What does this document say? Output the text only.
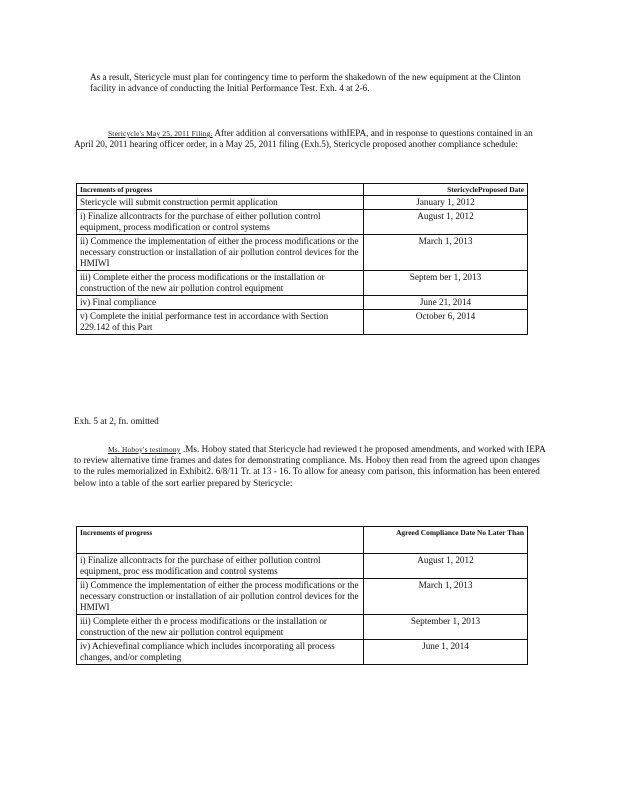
As a result, Stericycle must plan for contingency time to perform the shakedown of the new equipment at the Clinton facility in advance of conducting the Initial Performance Test. Exh. 4 at 2-6.

Stericycle's May 25, 2011 Filing. After addition al conversations withIEPA, and in response to questions contained in an April 20, 2011 hearing officer order, in a May 25, 2011 filing (Exh.5), Stericycle proposed another compliance schedule:

Increments of progress	StericycleProposed Date
Stericycle will submit construction permit application	January 1, 2012
i) Finalize allcontracts for the purchase of either pollution control equipment, process modification or control systems	August 1, 2012
ii) Commence the implementation of either the process modifications or the necessary construction or installation of air pollution control devices for the HMIWI	March 1, 2013
iii) Complete either the process modifications or the installation or construction of the new air pollution control equipment	Septem ber 1, 2013
iv) Final compliance	June 21, 2014
v) Complete the initial performance test in accordance with Section 229.142 of this Part	October 6, 2014

Exh. 5 at 2, fn. omitted

Ms. Hoboy's testimony .Ms. Hoboy stated that Stericycle had reviewed t he proposed amendments, and worked with IEPA to review alternative time frames and dates for demonstrating compliance. Ms. Hoboy then read from the agreed upon changes to the rules memorialized in Exhibit2. 6/8/11 Tr. at 13 - 16. To allow for aneasy com parison, this information has been entered below into a table of the sort earlier prepared by Stericycle:

Increments of progress	Agreed Compliance Date No Later Than
i) Finalize allcontracts for the purchase of either pollution control equipment, proc ess modification and control systems	August 1, 2012
ii) Commence the implementation of either the process modifications or the necessary construction or installation of air pollution control devices for the HMIWI	March 1, 2013
iii) Complete either th e process modifications or the installation or construction of the new air pollution control equipment	September 1, 2013
iv) Achievefinal compliance which includes incorporating all process changes, and/or completing	June 1, 2014
